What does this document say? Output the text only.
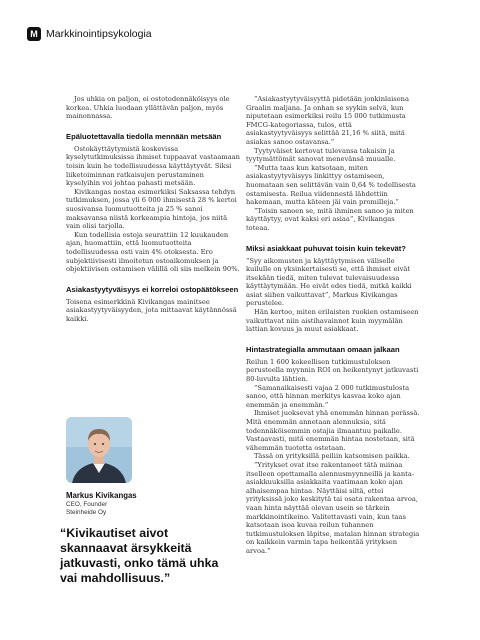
M Markkinointipsykologia

Jos uhkia on paljon, ei ostotodennäköisyys ole korkea. Uhkia luodaan yllättävän paljon, myös mainonnassa.

Epäluotettavalla tiedolla mennään metsään

Ostokäyttäytymistä koskevissa kyselytutkimuksissa ihmiset tuppaavat vastaamaan toisin kuin he todellisuudessa käyttäytyvät. Siksi liiketoiminnan ratkaisujen perustaminen kyselyihin voi johtaa pahasti metsään.

Kivikangas nostaa esimerkiksi Saksassa tehdyn tutkimuksen, jossa yli 6 000 ihmisestä 28 % kertoi suosivansa luomutuotteita ja 25 % sanoi maksavansa niistä korkeampia hintoja, jos niitä vain olisi tarjolla.

Kun todellisia ostoja seurattiin 12 kuukauden ajan, huomattiin, että luomutuotteita todellisuudessa osti vain 4% otoksesta. Ero subjektiivisesti ilmoitetun ostoaikomuksen ja objektiivisen ostamisen välillä oli siis melkein 90%.

Asiakastyytyväisyys ei korreloi ostopäätökseen

Toisena esimerkkinä Kivikangas mainitsee asiakastyytyväisyyden, jota mittaavat käytännössä kaikki.

Markus Kivikangas
CEO, Founder
Steinheide Oy
“Kivikautiset aivot skannaavat ärsykkeitä jatkuvasti, onko tämä uhka vai mahdollisuus.”

”Asiakastyytyväisyyttä pidetään jonkinlaisena Graalin maljana. Ja onhan se syykin selvä, kun niputetaan esimerkiksi reilu 15 000 tutkimusta FMCG-kategoriassa, tulos, että asiakastyytyväisyys selittää 21,16 % siitä, mitä asiakas sanoo ostavansa.”

Tyytyväiset kertovat tulevansa takaisin ja tyytymättömät sanovat menevänsä muualle.

”Mutta taas kun katsotaan, miten asiakastyytyväisyys linkittyy ostamiseen, huomataan sen selittävän vain 0,64 % todellisesta ostamisesta. Reilua viidennestä lähdettiin hakemaan, mutta käteen jäi vain promilleja.”

”Toisin sanoen se, mitä ihminen sanoo ja miten käyttäytyy, ovat kaksi eri asiaa”, Kivikangas toteaa.

Miksi asiakkaat puhuvat toisin kuin tekevät?

”Syy aikomusten ja käyttäytymisen väliselle kuilulle on yksinkertaisesti se, että ihmiset eivät itsekään tiedä, miten tulevat tulevaisuudessa käyttäytymään. He eivät edes tiedä, mitkä kaikki asiat siihen vaikuttavat”, Markus Kivikangas perustelee.

Hän kertoo, miten erilaisten ruokien ostamiseen vaikuttavat niin aistihavainnot kuin myymälän lattian kovuus ja muut asiakkaat.

Hintastrategialla ammutaan omaan jalkaan

Reilun 1 600 kokeellisen tutkimustuloksen perusteella myynnin ROI on heikentynyt jatkuvasti 80-luvulta lähtien.

”Samanaikaisesti vajaa 2 000 tutkimustulosta sanoo, että hinnan merkitys kasvaa koko ajan enemmän ja enemmän.”

Ihmiset juoksevat yhä enemmän hinnan perässä. Mitä enemmän annetaan alennuksia, sitä todennäköisemmin ostajia ilmaantuu paikalle. Vastaavasti, mitä enemmän hintaa nostetaan, sitä vähemmän tuotetta ostetaan.

Tässä on yrityksillä peiliin katsomisen paikka.

”Yritykset ovat itse rakentaneet tätä miinaa itselleen opettamalla alennusmyynneillä ja kanta-asiakkuuksilla asiakkaita vaatimaan koko ajan alhaisempaa hintaa. Näyttäisi siltä, ettei yrityksissä joko keskitytä tai osata rakentaa arvoa, vaan hinta näyttää olevan usein se tärkein markkinointikeino. Valitettavasti vain, kun taas katsotaan isoa kuvaa reilun tuhannen tutkimustuloksen läpitse, matalan hinnan strategia on kaikkein varmin tapa heikentää yrityksen arvoa.”
